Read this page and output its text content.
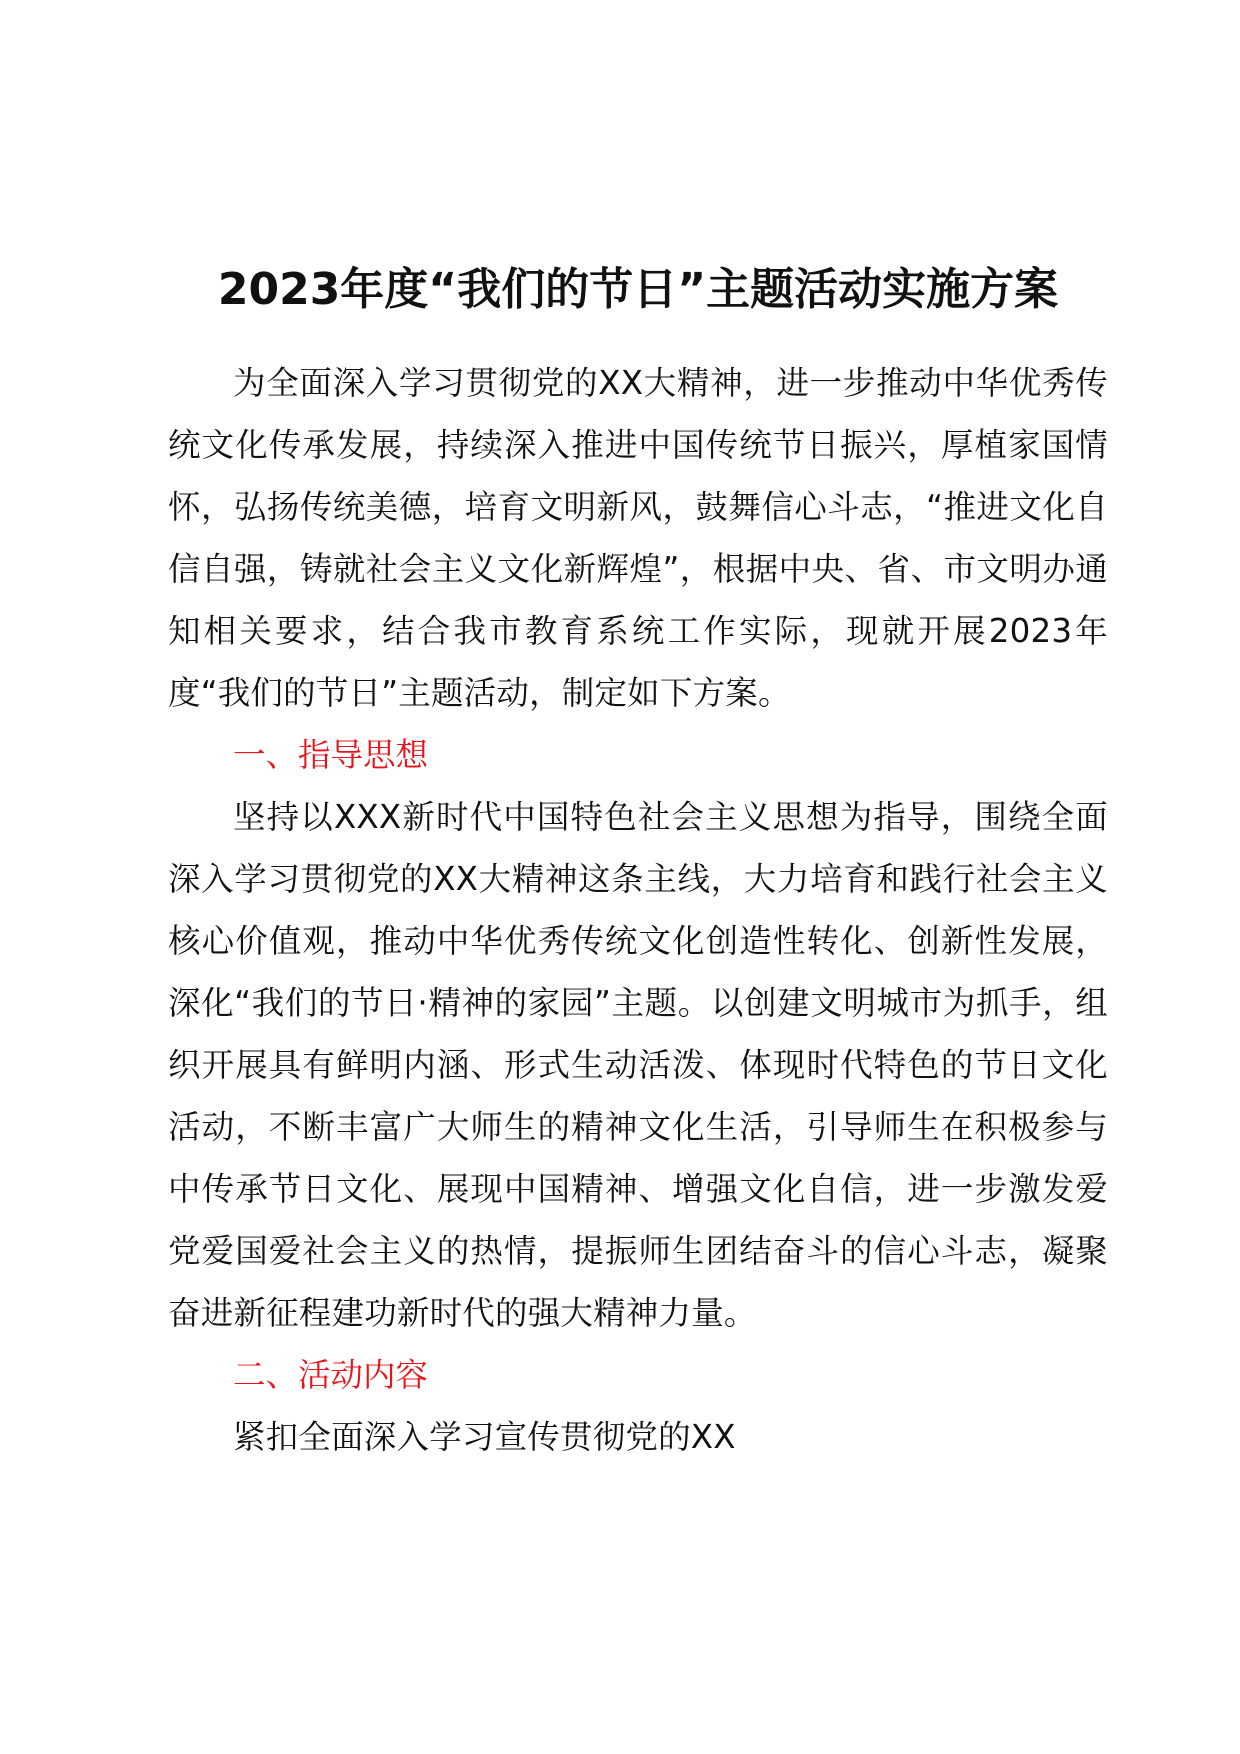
2023年度“我们的节日”主题活动实施方案

为全面深入学习贯彻党的XX大精神，进一步推动中华优秀传统文化传承发展，持续深入推进中国传统节日振兴，厚植家国情怀，弘扬传统美德，培育文明新风，鼓舞信心斗志，“推进文化自信自强，铸就社会主义文化新辉煌”，根据中央、省、市文明办通知相关要求，结合我市教育系统工作实际，现就开展2023年度“我们的节日”主题活动，制定如下方案。

一、指导思想

坚持以XXX新时代中国特色社会主义思想为指导，围绕全面深入学习贯彻党的XX大精神这条主线，大力培育和践行社会主义核心价值观，推动中华优秀传统文化创造性转化、创新性发展，深化“我们的节日·精神的家园”主题。以创建文明城市为抓手，组织开展具有鲜明内涵、形式生动活泼、体现时代特色的节日文化活动，不断丰富广大师生的精神文化生活，引导师生在积极参与中传承节日文化、展现中国精神、增强文化自信，进一步激发爱党爱国爱社会主义的热情，提振师生团结奋斗的信心斗志，凝聚奋进新征程建功新时代的强大精神力量。

二、活动内容

紧扣全面深入学习宣传贯彻党的XX
